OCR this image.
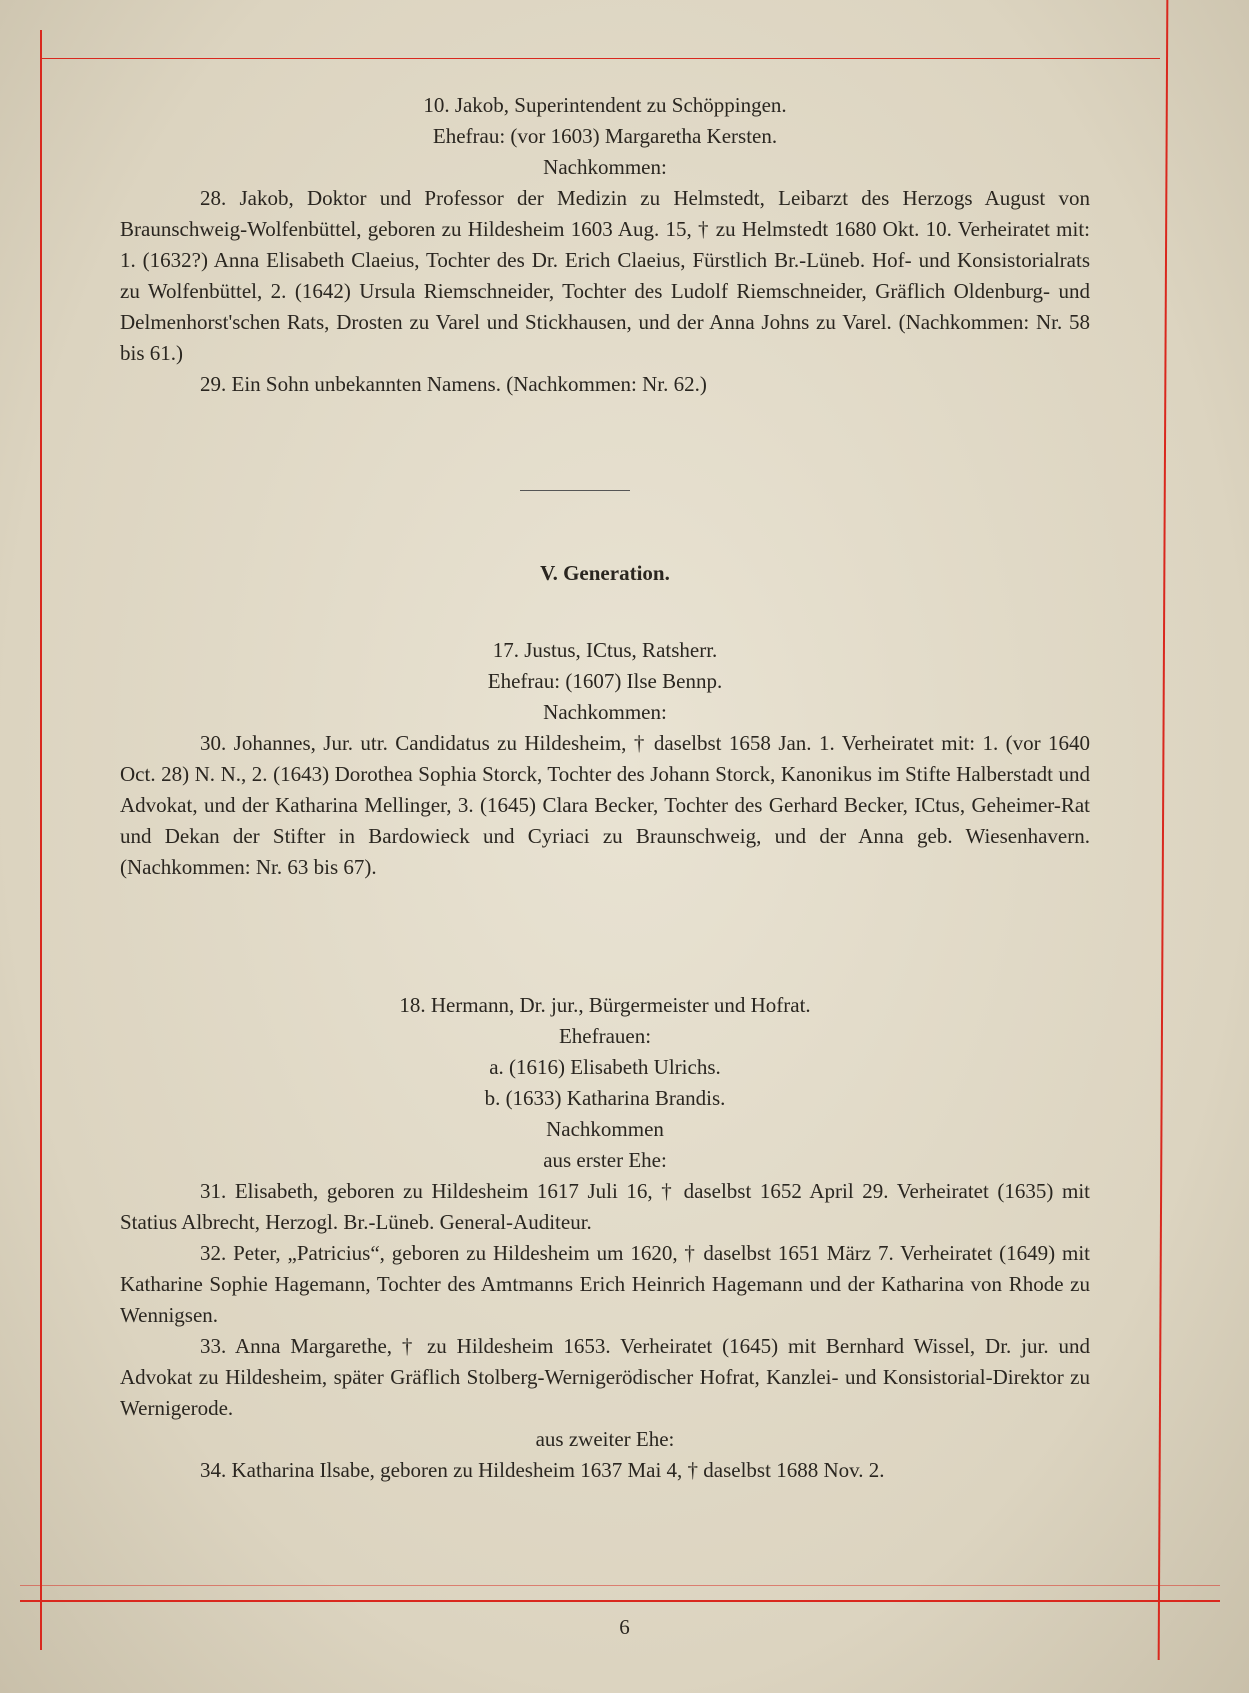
10. Jakob, Superintendent zu Schöppingen.

Ehefrau: (vor 1603) Margaretha Kersten.

Nachkommen:

28. Jakob, Doktor und Professor der Medizin zu Helmstedt, Leibarzt des Herzogs August von Braunschweig-Wolfenbüttel, geboren zu Hildesheim 1603 Aug. 15, † zu Helmstedt 1680 Okt. 10. Verheiratet mit: 1. (1632?) Anna Elisabeth Claeius, Tochter des Dr. Erich Claeius, Fürstlich Br.-Lüneb. Hof- und Konsistorialrats zu Wolfenbüttel, 2. (1642) Ursula Riemschneider, Tochter des Ludolf Riemschneider, Gräflich Oldenburg- und Delmenhorst'schen Rats, Drosten zu Varel und Stickhausen, und der Anna Johns zu Varel. (Nachkommen: Nr. 58 bis 61.)

29. Ein Sohn unbekannten Namens. (Nachkommen: Nr. 62.)

V. Generation.

17. Justus, ICtus, Ratsherr.

Ehefrau: (1607) Ilse Bennp.

Nachkommen:

30. Johannes, Jur. utr. Candidatus zu Hildesheim, † daselbst 1658 Jan. 1. Verheiratet mit: 1. (vor 1640 Oct. 28) N. N., 2. (1643) Dorothea Sophia Storck, Tochter des Johann Storck, Kanonikus im Stifte Halberstadt und Advokat, und der Katharina Mellinger, 3. (1645) Clara Becker, Tochter des Gerhard Becker, ICtus, Geheimer-Rat und Dekan der Stifter in Bardowieck und Cyriaci zu Braunschweig, und der Anna geb. Wiesenhavern. (Nachkommen: Nr. 63 bis 67).

18. Hermann, Dr. jur., Bürgermeister und Hofrat.

Ehefrauen:

a. (1616) Elisabeth Ulrichs.

b. (1633) Katharina Brandis.

Nachkommen

aus erster Ehe:

31. Elisabeth, geboren zu Hildesheim 1617 Juli 16, † daselbst 1652 April 29. Verheiratet (1635) mit Statius Albrecht, Herzogl. Br.-Lüneb. General-Auditeur.

32. Peter, „Patricius“, geboren zu Hildesheim um 1620, † daselbst 1651 März 7. Verheiratet (1649) mit Katharine Sophie Hagemann, Tochter des Amtmanns Erich Heinrich Hagemann und der Katharina von Rhode zu Wennigsen.

33. Anna Margarethe, † zu Hildesheim 1653. Verheiratet (1645) mit Bernhard Wissel, Dr. jur. und Advokat zu Hildesheim, später Gräflich Stolberg-Wernigerödischer Hofrat, Kanzlei- und Konsistorial-Direktor zu Wernigerode.

aus zweiter Ehe:

34. Katharina Ilsabe, geboren zu Hildesheim 1637 Mai 4, † daselbst 1688 Nov. 2.

6
